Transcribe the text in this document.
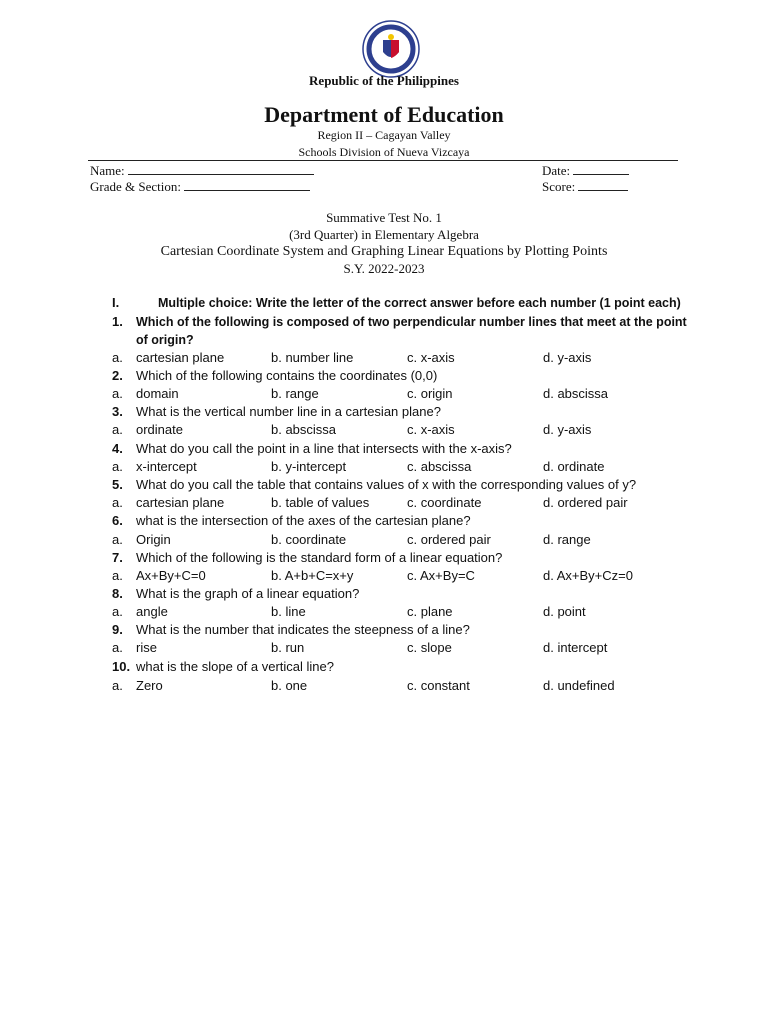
Republic of the Philippines
Department of Education
Region II – Cagayan Valley
Schools Division of Nueva Vizcaya
Name:	Date:
Grade & Section:	Score:
Summative Test No. 1
(3rd Quarter) in Elementary Algebra
Cartesian Coordinate System and Graphing Linear Equations by Plotting Points
S.Y. 2022-2023
I.	Multiple choice: Write the letter of the correct answer before each number (1 point each)
1. Which of the following is composed of two perpendicular number lines that meet at the point of origin?
a. cartesian plane	b. number line	c. x-axis	d. y-axis
2. Which of the following contains the coordinates (0,0)
a. domain	b. range	c. origin	d. abscissa
3. What is the vertical number line in a cartesian plane?
a. ordinate	b. abscissa	c. x-axis	d. y-axis
4. What do you call the point in a line that intersects with the x-axis?
a. x-intercept	b. y-intercept	c. abscissa	d. ordinate
5. What do you call the table that contains values of x with the corresponding values of y?
a. cartesian plane	b. table of values	c. coordinate	d. ordered pair
6. what is the intersection of the axes of the cartesian plane?
a. Origin	b. coordinate	c. ordered pair	d. range
7. Which of the following is the standard form of a linear equation?
a. Ax+By+C=0	b. A+b+C=x+y	c. Ax+By=C	d. Ax+By+Cz=0
8. What is the graph of a linear equation?
a. angle	b. line	c. plane	d. point
9. What is the number that indicates the steepness of a line?
a. rise	b. run	c. slope	d. intercept
10. what is the slope of a vertical line?
a. Zero	b. one	c. constant	d. undefined
